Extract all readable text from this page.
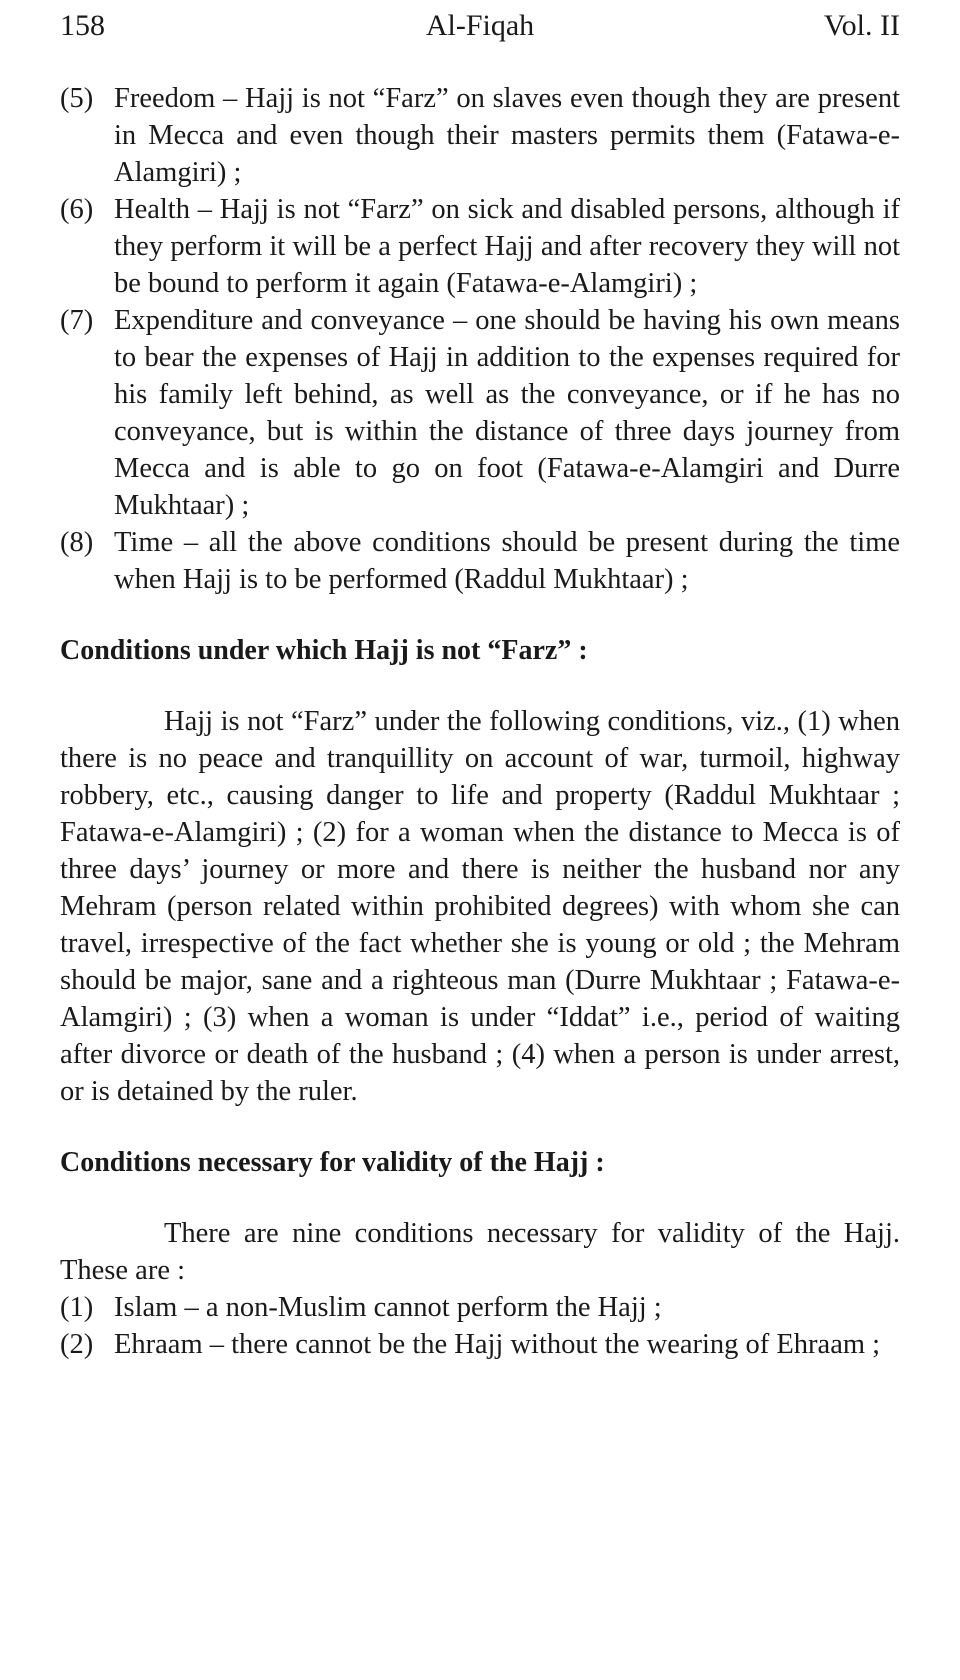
158	Al-Fiqah	Vol. II
(5) Freedom – Hajj is not “Farz” on slaves even though they are present in Mecca and even though their masters permits them (Fatawa-e-Alamgiri) ;
(6) Health – Hajj is not “Farz” on sick and disabled persons, although if they perform it will be a perfect Hajj and after recovery they will not be bound to perform it again (Fatawa-e-Alamgiri) ;
(7) Expenditure and conveyance – one should be having his own means to bear the expenses of Hajj in addition to the expenses required for his family left behind, as well as the conveyance, or if he has no conveyance, but is within the distance of three days journey from Mecca and is able to go on foot (Fatawa-e-Alamgiri and Durre Mukhtaar) ;
(8) Time – all the above conditions should be present during the time when Hajj is to be performed (Raddul Mukhtaar) ;
Conditions under which Hajj is not “Farz” :

Hajj is not “Farz” under the following conditions, viz., (1) when there is no peace and tranquillity on account of war, turmoil, highway robbery, etc., causing danger to life and property (Raddul Mukhtaar ; Fatawa-e-Alamgiri) ; (2) for a woman when the distance to Mecca is of three days’ journey or more and there is neither the husband nor any Mehram (person related within prohibited degrees) with whom she can travel, irrespective of the fact whether she is young or old ; the Mehram should be major, sane and a righteous man (Durre Mukhtaar ; Fatawa-e-Alamgiri) ; (3) when a woman is under “Iddat” i.e., period of waiting after divorce or death of the husband ; (4) when a person is under arrest, or is detained by the ruler.

Conditions necessary for validity of the Hajj :

There are nine conditions necessary for validity of the Hajj. These are :

(1) Islam – a non-Muslim cannot perform the Hajj ;
(2) Ehraam – there cannot be the Hajj without the wearing of Ehraam ;
